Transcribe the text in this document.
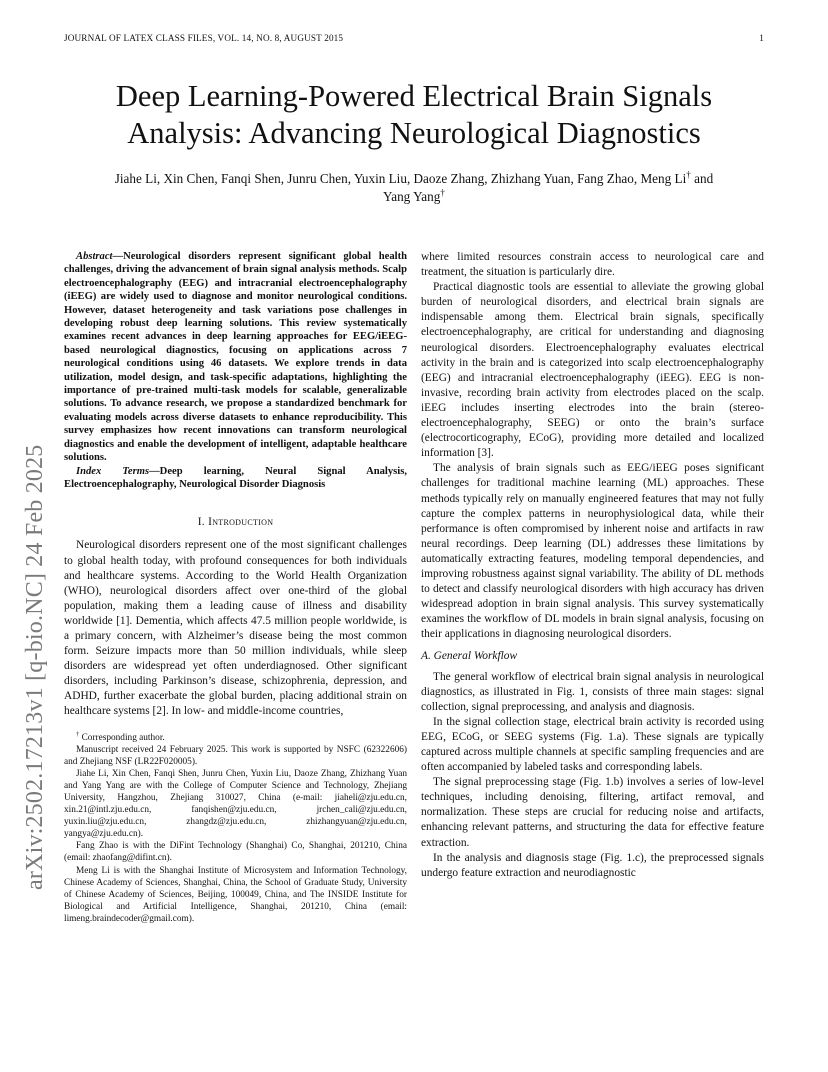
JOURNAL OF LATEX CLASS FILES, VOL. 14, NO. 8, AUGUST 2015	1
arXiv:2502.17213v1 [q-bio.NC] 24 Feb 2025
Deep Learning-Powered Electrical Brain Signals Analysis: Advancing Neurological Diagnostics
Jiahe Li, Xin Chen, Fanqi Shen, Junru Chen, Yuxin Liu, Daoze Zhang, Zhizhang Yuan, Fang Zhao, Meng Li† and
Yang Yang†

Abstract—Neurological disorders represent significant global health challenges, driving the advancement of brain signal analysis methods. Scalp electroencephalography (EEG) and intracranial electroencephalography (iEEG) are widely used to diagnose and monitor neurological conditions. However, dataset heterogeneity and task variations pose challenges in developing robust deep learning solutions. This review systematically examines recent advances in deep learning approaches for EEG/iEEG-based neurological diagnostics, focusing on applications across 7 neurological conditions using 46 datasets. We explore trends in data utilization, model design, and task-specific adaptations, highlighting the importance of pre-trained multi-task models for scalable, generalizable solutions. To advance research, we propose a standardized benchmark for evaluating models across diverse datasets to enhance reproducibility. This survey emphasizes how recent innovations can transform neurological diagnostics and enable the development of intelligent, adaptable healthcare solutions.

Index Terms—Deep learning, Neural Signal Analysis, Electroencephalography, Neurological Disorder Diagnosis

I. Introduction

Neurological disorders represent one of the most significant challenges to global health today, with profound consequences for both individuals and healthcare systems. According to the World Health Organization (WHO), neurological disorders affect over one-third of the global population, making them a leading cause of illness and disability worldwide [1]. Dementia, which affects 47.5 million people worldwide, is a primary concern, with Alzheimer’s disease being the most common form. Seizure impacts more than 50 million individuals, while sleep disorders are widespread yet often underdiagnosed. Other significant disorders, including Parkinson’s disease, schizophrenia, depression, and ADHD, further exacerbate the global burden, placing additional strain on healthcare systems [2]. In low- and middle-income countries,

† Corresponding author.

Manuscript received 24 February 2025. This work is supported by NSFC (62322606) and Zhejiang NSF (LR22F020005).

Jiahe Li, Xin Chen, Fanqi Shen, Junru Chen, Yuxin Liu, Daoze Zhang, Zhizhang Yuan and Yang Yang are with the College of Computer Science and Technology, Zhejiang University, Hangzhou, Zhejiang 310027, China (e-mail: jiaheli@zju.edu.cn, xin.21@intl.zju.edu.cn, fanqishen@zju.edu.cn, jrchen_cali@zju.edu.cn, yuxin.liu@zju.edu.cn, zhangdz@zju.edu.cn, zhizhangyuan@zju.edu.cn, yangya@zju.edu.cn).

Fang Zhao is with the DiFint Technology (Shanghai) Co, Shanghai, 201210, China (email: zhaofang@difint.cn).

Meng Li is with the Shanghai Institute of Microsystem and Information Technology, Chinese Academy of Sciences, Shanghai, China, the School of Graduate Study, University of Chinese Academy of Sciences, Beijing, 100049, China, and The INSIDE Institute for Biological and Artificial Intelligence, Shanghai, 201210, China (email: limeng.braindecoder@gmail.com).

where limited resources constrain access to neurological care and treatment, the situation is particularly dire.

Practical diagnostic tools are essential to alleviate the growing global burden of neurological disorders, and electrical brain signals are indispensable among them. Electrical brain signals, specifically electroencephalography, are critical for understanding and diagnosing neurological disorders. Electroencephalography evaluates electrical activity in the brain and is categorized into scalp electroencephalography (EEG) and intracranial electroencephalography (iEEG). EEG is non-invasive, recording brain activity from electrodes placed on the scalp. iEEG includes inserting electrodes into the brain (stereo-electroencephalography, SEEG) or onto the brain’s surface (electrocorticography, ECoG), providing more detailed and localized information [3].

The analysis of brain signals such as EEG/iEEG poses significant challenges for traditional machine learning (ML) approaches. These methods typically rely on manually engineered features that may not fully capture the complex patterns in neurophysiological data, while their performance is often compromised by inherent noise and artifacts in raw neural recordings. Deep learning (DL) addresses these limitations by automatically extracting features, modeling temporal dependencies, and improving robustness against signal variability. The ability of DL methods to detect and classify neurological disorders with high accuracy has driven widespread adoption in brain signal analysis. This survey systematically examines the workflow of DL models in brain signal analysis, focusing on their applications in diagnosing neurological disorders.

A. General Workflow

The general workflow of electrical brain signal analysis in neurological diagnostics, as illustrated in Fig. 1, consists of three main stages: signal collection, signal preprocessing, and analysis and diagnosis.

In the signal collection stage, electrical brain activity is recorded using EEG, ECoG, or SEEG systems (Fig. 1.a). These signals are typically captured across multiple channels at specific sampling frequencies and are often accompanied by labeled tasks and corresponding labels.

The signal preprocessing stage (Fig. 1.b) involves a series of low-level techniques, including denoising, filtering, artifact removal, and normalization. These steps are crucial for reducing noise and artifacts, enhancing relevant patterns, and structuring the data for effective feature extraction.

In the analysis and diagnosis stage (Fig. 1.c), the preprocessed signals undergo feature extraction and neurodiagnostic
